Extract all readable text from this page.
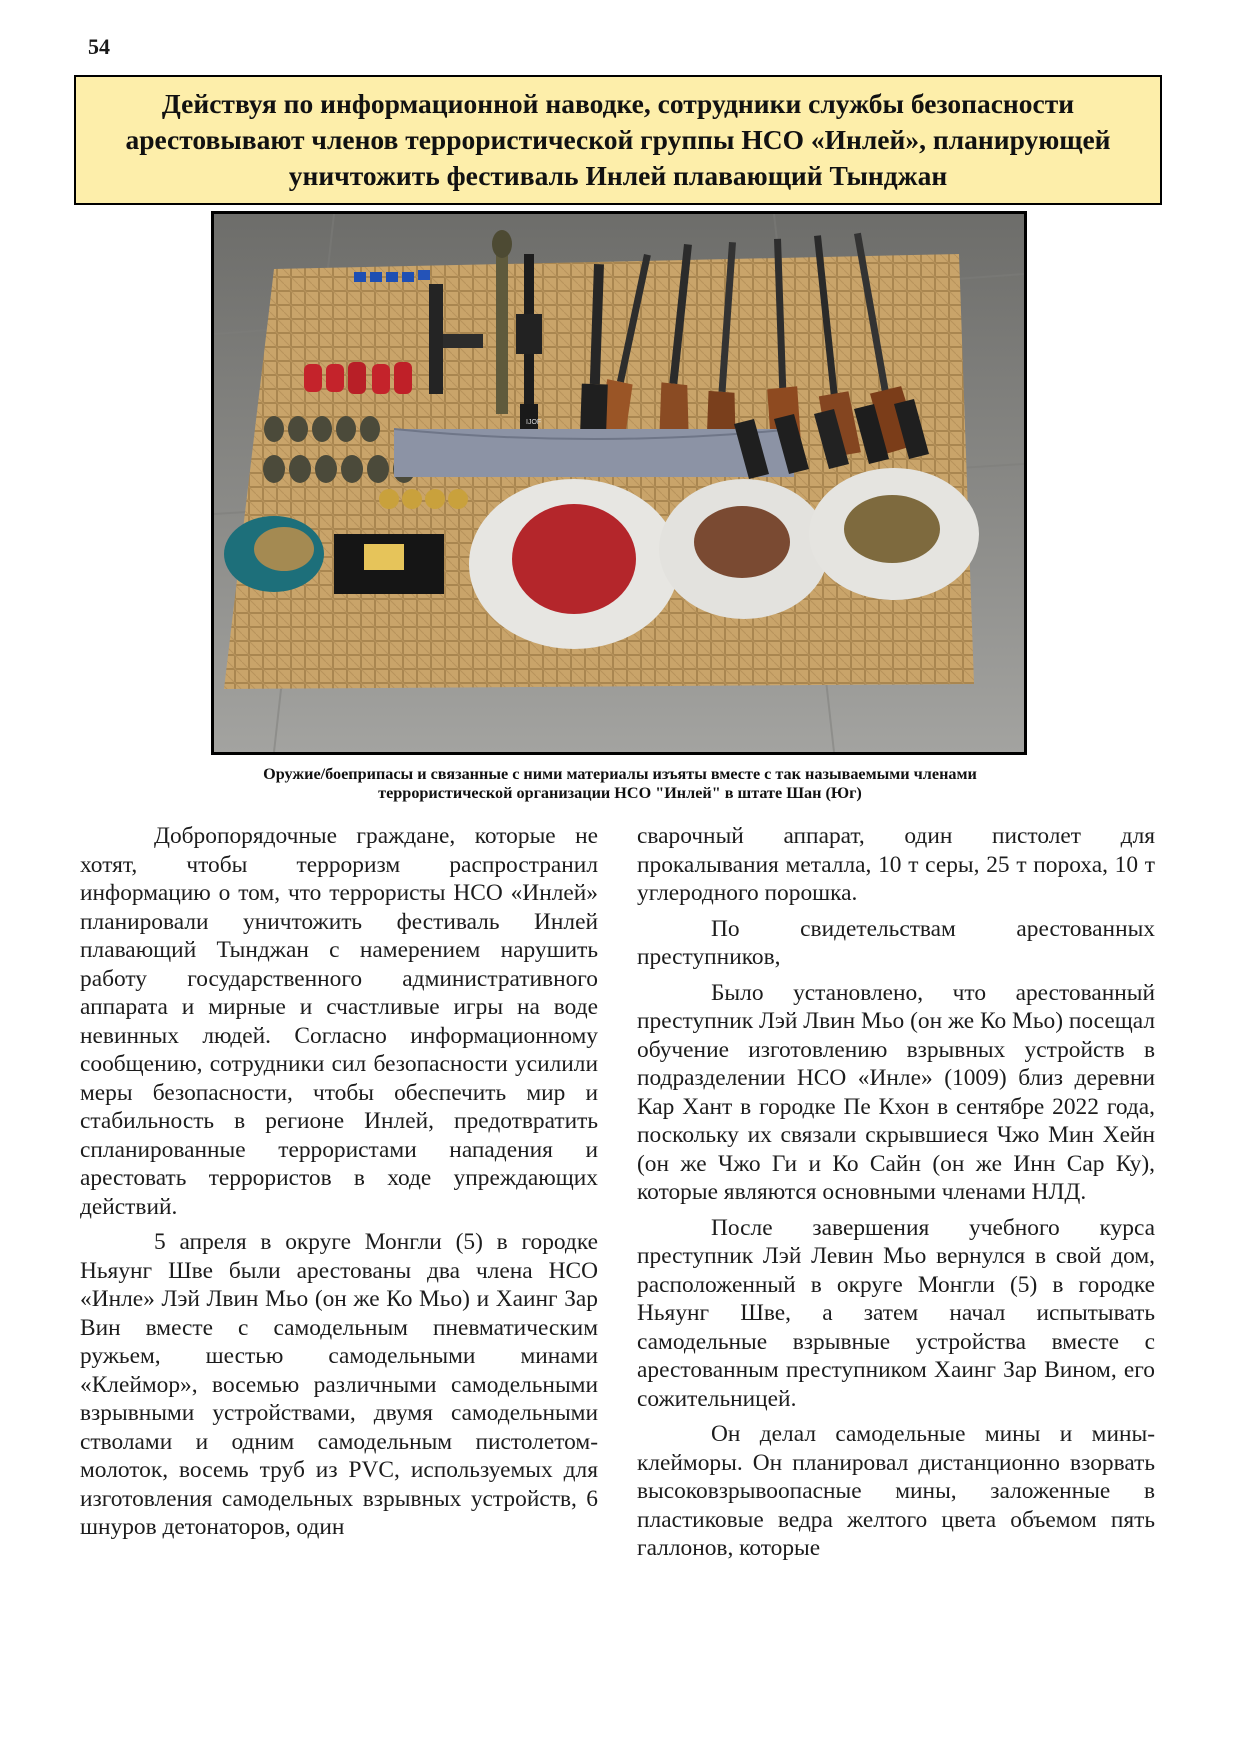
54
Действуя по информационной наводке, сотрудники службы безопасности арестовывают членов террористической группы НСО «Инлей», планирующей уничтожить фестиваль Инлей плавающий Тынджан
IJOF
Оружие/боеприпасы и связанные с ними материалы изъяты вместе с так называемыми членами
террористической организации НСО "Инлей" в штате Шан (Юг)

Добропорядочные граждане, которые не хотят, чтобы терроризм распространил информацию о том, что террористы НСО «Инлей» планировали уничтожить фестиваль Инлей плавающий Тынджан с намерением нарушить работу государственного административного аппарата и мирные и счастливые игры на воде невинных людей. Согласно информационному сообщению, сотрудники сил безопасности усилили меры безопасности, чтобы обеспечить мир и стабильность в регионе Инлей, предотвратить спланированные террористами нападения и арестовать террористов в ходе упреждающих действий.

5 апреля в округе Монгли (5) в городке Ньяунг Шве были арестованы два члена НСО «Инле» Лэй Лвин Мьо (он же Ко Мьо) и Хаинг Зар Вин вместе с самодельным пневматическим ружьем, шестью самодельными минами «Клеймор», восемью различными самодельными взрывными устройствами, двумя самодельными стволами и одним самодельным пистолетом- молоток, восемь труб из PVC, используемых для изготовления самодельных взрывных устройств, 6 шнуров детонаторов, один

сварочный аппарат, один пистолет для прокалывания металла, 10 т серы, 25 т пороха, 10 т углеродного порошка.

По свидетельствам арестованных преступников,

Было установлено, что арестованный преступник Лэй Лвин Мьо (он же Ко Мьо) посещал обучение изготовлению взрывных устройств в подразделении НСО «Инле» (1009) близ деревни Кар Хант в городке Пе Кхон в сентябре 2022 года, поскольку их связали скрывшиеся Чжо Мин Хейн (он же Чжо Ги и Ко Сайн (он же Инн Сар Ку), которые являются основными членами НЛД.

После завершения учебного курса преступник Лэй Левин Мьо вернулся в свой дом, расположенный в округе Монгли (5) в городке Ньяунг Шве, а затем начал испытывать самодельные взрывные устройства вместе с арестованным преступником Хаинг Зар Вином, его сожительницей.

Он делал самодельные мины и мины-клейморы. Он планировал дистанционно взорвать высоковзрывоопасные мины, заложенные в пластиковые ведра желтого цвета объемом пять галлонов, которые
